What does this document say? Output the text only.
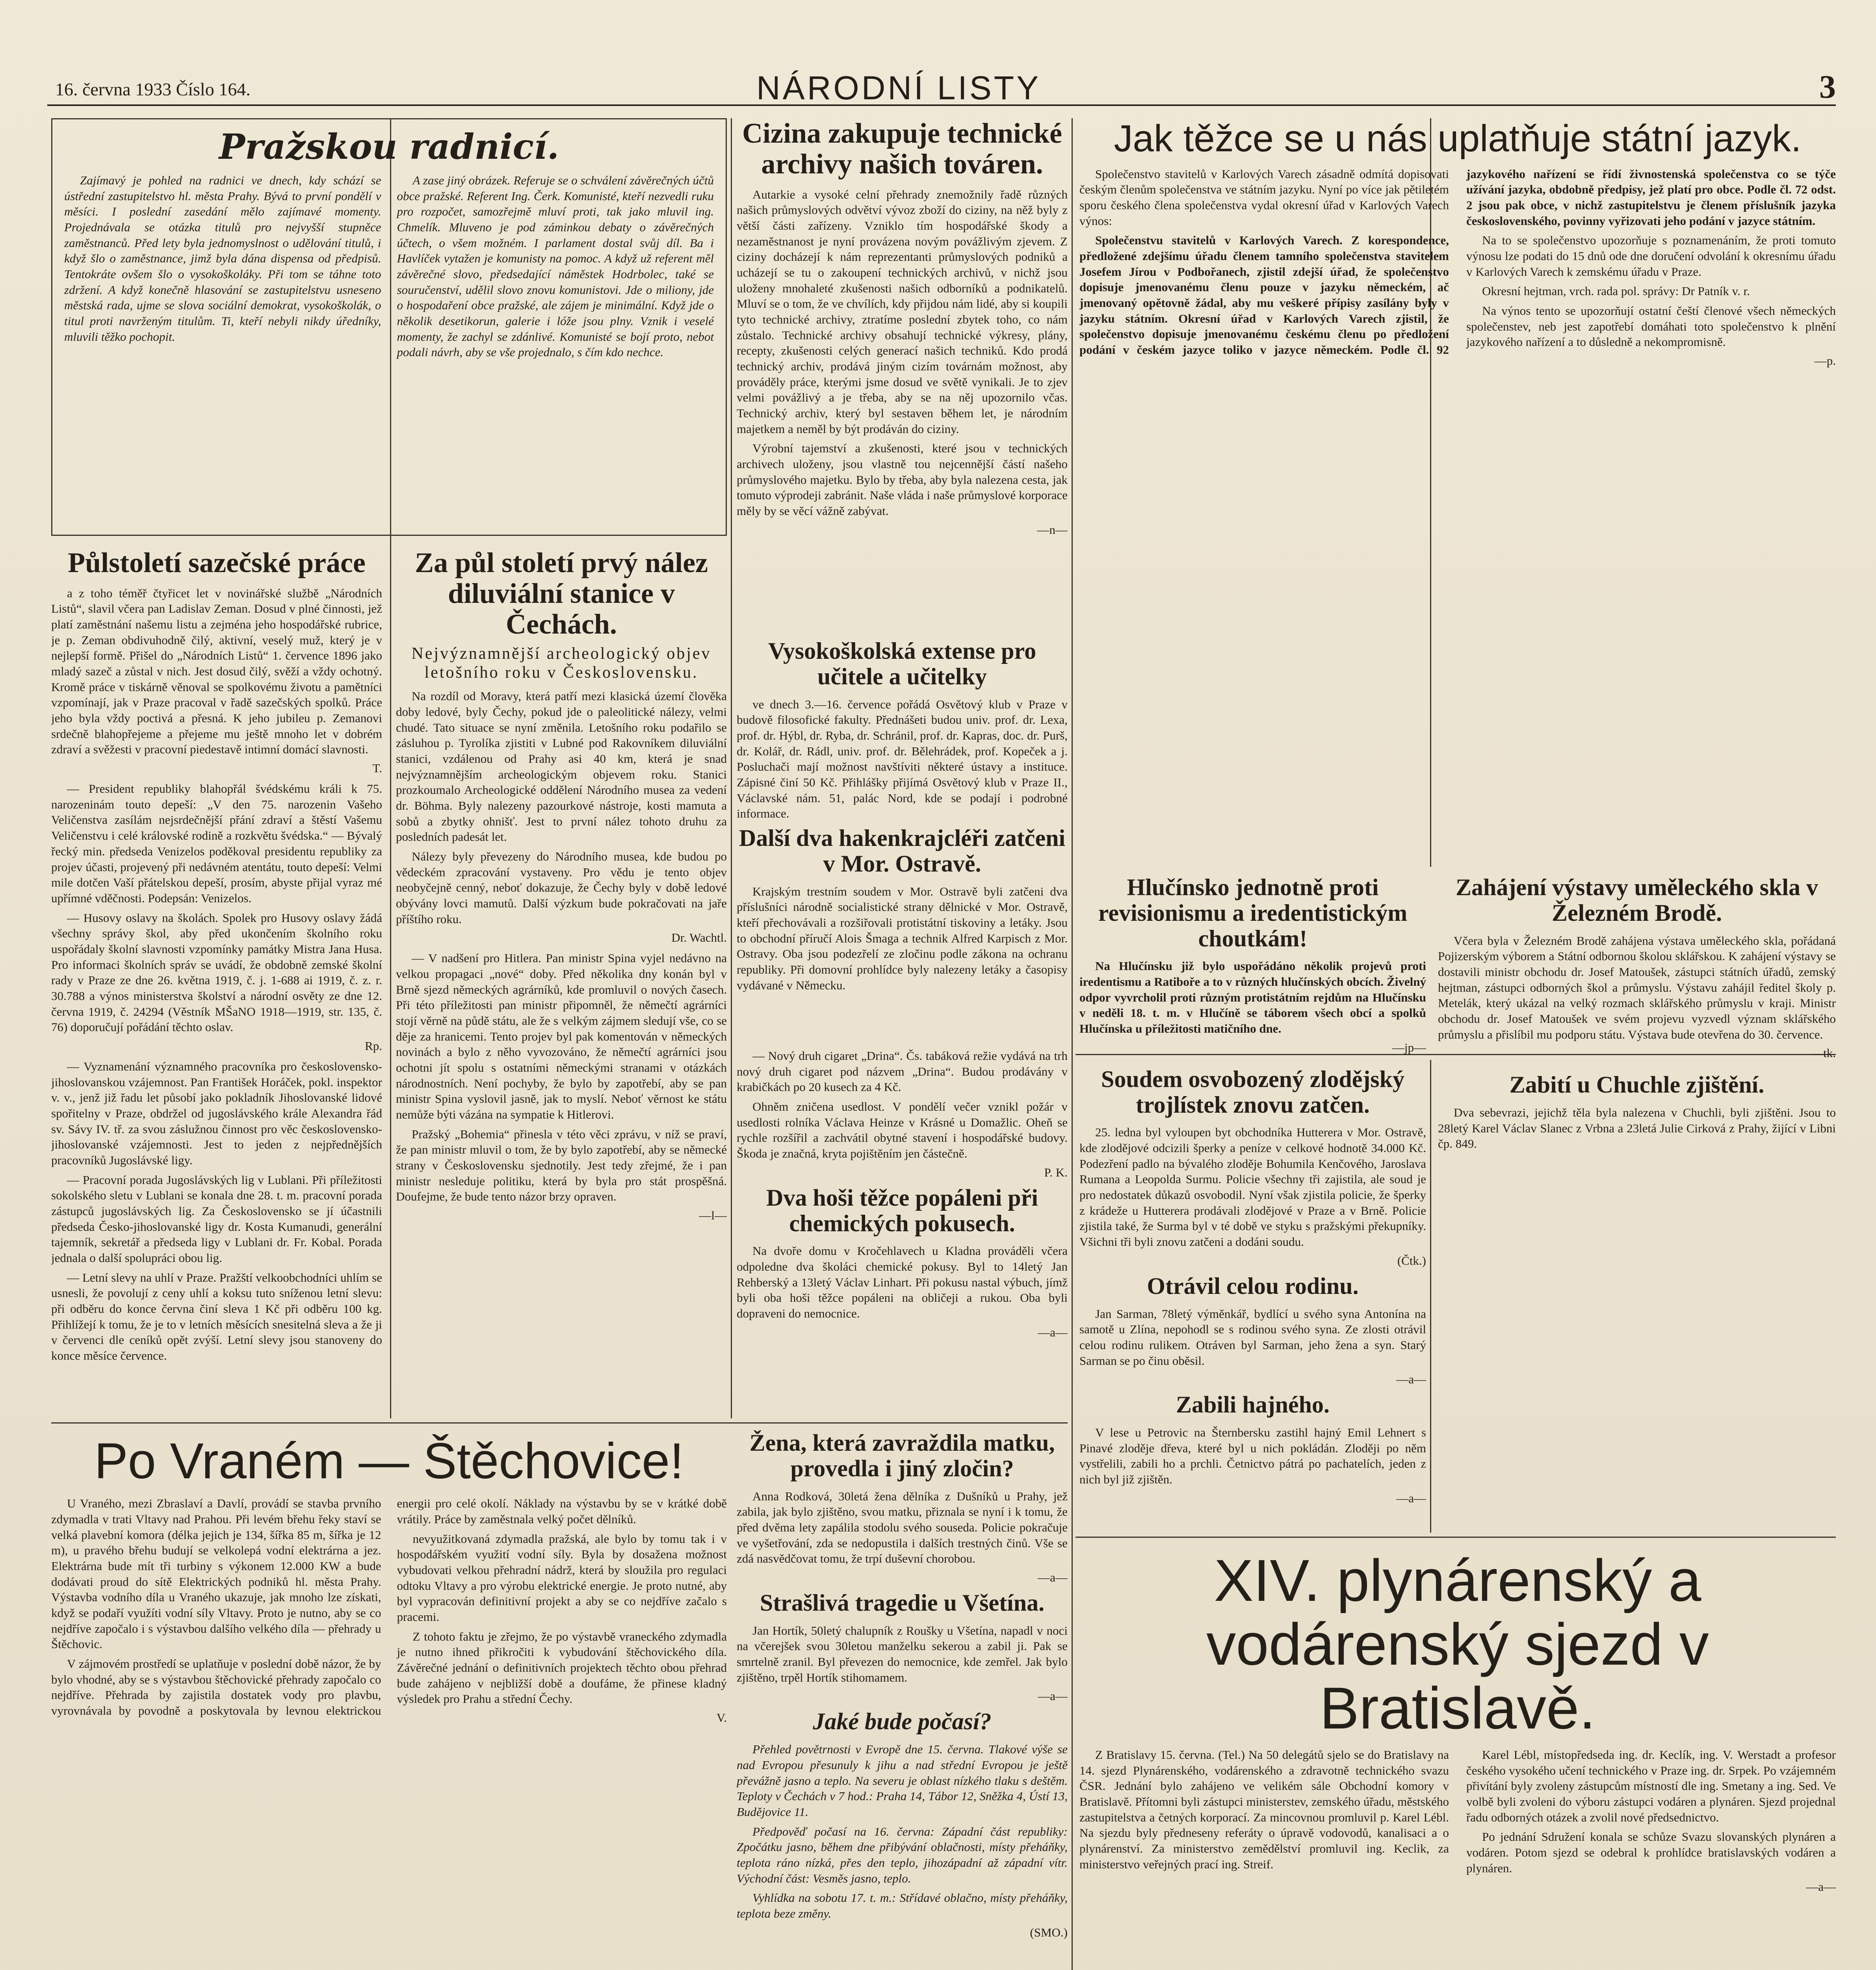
16. června 1933 Číslo 164.	NÁRODNÍ LISTY	3
Pražskou radnicí.

Zajímavý je pohled na radnici ve dnech, kdy schází se ústřední zastupitelstvo hl. města Prahy. Bývá to první pondělí v měsíci. I poslední zasedání mělo zajímavé momenty. Projednávala se otázka titulů pro nejvyšší stupněce zaměstnanců. Před lety byla jednomyslnost o udělování titulů, i když šlo o zaměstnance, jimž byla dána dispensa od předpisů. Tentokráte ovšem šlo o vysokoškoláky. Při tom se táhne toto zdržení. A když konečně hlasování se zastupitelstvu usneseno městská rada, ujme se slova sociální demokrat, vysokoškolák, o titul proti navrženým titulům. Ti, kteří nebyli nikdy úředníky, mluvili těžko pochopit.

A zase jiný obrázek. Referuje se o schválení závěrečných účtů obce pražské. Referent Ing. Čerk. Komunisté, kteří nezvedli ruku pro rozpočet, samozřejmě mluví proti, tak jako mluvil ing. Chmelík. Mluveno je pod záminkou debaty o závěrečných účtech, o všem možném. I parlament dostal svůj díl. Ba i Havlíček vytažen je komunisty na pomoc. A když už referent měl závěrečné slovo, předsedající náměstek Hodrbolec, také se souručenství, udělil slovo znovu komunistovi. Jde o miliony, jde o hospodaření obce pražské, ale zájem je minimální. Když jde o několik desetikorun, galerie i lóže jsou plny. Vznik i veselé momenty, že zachyl se zdánlivé. Komunisté se bojí proto, nebot podali návrh, aby se vše projednalo, s čím kdo nechce.

Půlstoletí sazečské práce

a z toho téměř čtyřicet let v novinářské službě „Národních Listů“, slavil včera pan Ladislav Zeman. Dosud v plné činnosti, jež platí zaměstnání našemu listu a zejména jeho hospodářské rubrice, je p. Zeman obdivuhodně čilý, aktivní, veselý muž, který je v nejlepší formě. Přišel do „Národních Listů“ 1. července 1896 jako mladý sazeč a zůstal v nich. Jest dosud čilý, svěží a vždy ochotný. Kromě práce v tiskárně věnoval se spolkovému životu a pamětníci vzpomínají, jak v Praze pracoval v řadě sazečských spolků. Práce jeho byla vždy poctivá a přesná. K jeho jubileu p. Zemanovi srdečně blahopřejeme a přejeme mu ještě mnoho let v dobrém zdraví a svěžesti v pracovní piedestavě intimní domácí slavnosti.

T.

— President republiky blahopřál švédskému králi k 75. narozeninám touto depeší: „V den 75. narozenin Vašeho Veličenstva zasílám nejsrdečnější přání zdraví a štěstí Vašemu Veličenstvu i celé královské rodině a rozkvětu švédska.“ — Bývalý řecký min. předseda Venizelos poděkoval presidentu republiky za projev účasti, projevený při nedávném atentátu, touto depeší: Velmi mile dotčen Vaší přátelskou depeší, prosím, abyste přijal vyraz mé upřímné vděčnosti. Podepsán: Venizelos.

— Husovy oslavy na školách. Spolek pro Husovy oslavy žádá všechny správy škol, aby před ukončením školního roku uspořádaly školní slavnosti vzpomínky památky Mistra Jana Husa. Pro informaci školních správ se uvádí, že obdobně zemské školní rady v Praze ze dne 26. května 1919, č. j. 1-688 ai 1919, č. z. r. 30.788 a výnos ministerstva školství a národní osvěty ze dne 12. června 1919, č. 24294 (Věstník MŠaNO 1918—1919, str. 135, č. 76) doporučují pořádání těchto oslav.

Rp.

— Vyznamenání významného pracovníka pro československo-jihoslovanskou vzájemnost. Pan František Horáček, pokl. inspektor v. v., jenž již řadu let působí jako pokladník Jihoslovanské lidové spořitelny v Praze, obdržel od jugoslávského krále Alexandra řád sv. Sávy IV. tř. za svou záslužnou činnost pro věc československo-jihoslovanské vzájemnosti. Jest to jeden z nejpřednějších pracovníků Jugoslávské ligy.

— Pracovní porada Jugoslávských lig v Lublani. Při příležitosti sokolského sletu v Lublani se konala dne 28. t. m. pracovní porada zástupců jugoslávských lig. Za Československo se jí účastnili předseda Česko-jihoslovanské ligy dr. Kosta Kumanudi, generální tajemník, sekretář a předseda ligy v Lublani dr. Fr. Kobal. Porada jednala o další spolupráci obou lig.

— Letní slevy na uhlí v Praze. Pražští velkoobchodníci uhlím se usnesli, že povolují z ceny uhlí a koksu tuto sníženou letní slevu: při odběru do konce června činí sleva 1 Kč při odběru 100 kg. Přihlížejí k tomu, že je to v letních měsících snesitelná sleva a že ji v červenci dle ceníků opět zvýší. Letní slevy jsou stanoveny do konce měsíce července.

Za půl století prvý nález diluviální stanice v Čechách.
Nejvýznamnější archeologický objev letošního roku v Československu.

Na rozdíl od Moravy, která patří mezi klasická území člověka doby ledové, byly Čechy, pokud jde o paleolitické nálezy, velmi chudé. Tato situace se nyní změnila. Letošního roku podařilo se zásluhou p. Tyrolíka zjistiti v Lubné pod Rakovníkem diluviální stanici, vzdálenou od Prahy asi 40 km, která je snad nejvýznamnějším archeologickým objevem roku. Stanici prozkoumalo Archeologické oddělení Národního musea za vedení dr. Böhma. Byly nalezeny pazourkové nástroje, kosti mamuta a sobů a zbytky ohnišť. Jest to první nález tohoto druhu za posledních padesát let.

Nálezy byly převezeny do Národního musea, kde budou po vědeckém zpracování vystaveny. Pro vědu je tento objev neobyčejně cenný, neboť dokazuje, že Čechy byly v době ledové obývány lovci mamutů. Další výzkum bude pokračovati na jaře příštího roku.

Dr. Wachtl.

— V nadšení pro Hitlera. Pan ministr Spina vyjel nedávno na velkou propagaci „nové“ doby. Před několika dny konán byl v Brně sjezd německých agrárníků, kde promluvil o nových časech. Při této příležitosti pan ministr připomněl, že němečtí agrárníci stojí věrně na půdě státu, ale že s velkým zájmem sledují vše, co se děje za hranicemi. Tento projev byl pak komentován v německých novinách a bylo z něho vyvozováno, že němečtí agrárníci jsou ochotni jít spolu s ostatními německými stranami v otázkách národnostních. Není pochyby, že bylo by zapotřebí, aby se pan ministr Spina vyslovil jasně, jak to myslí. Neboť věrnost ke státu nemůže býti vázána na sympatie k Hitlerovi.

Pražský „Bohemia“ přinesla v této věci zprávu, v níž se praví, že pan ministr mluvil o tom, že by bylo zapotřebí, aby se německé strany v Československu sjednotily. Jest tedy zřejmé, že i pan ministr nesleduje politiku, která by byla pro stát prospěšná. Doufejme, že bude tento názor brzy opraven.

—l—
Cizina zakupuje technické archivy našich továren.

Autarkie a vysoké celní přehrady znemožnily řadě různých našich průmyslových odvětví vývoz zboží do ciziny, na něž byly z větší části zařízeny. Vzniklo tím hospodářské škody a nezaměstnanost je nyní provázena novým povážlivým zjevem. Z ciziny docházejí k nám reprezentanti průmyslových podniků a ucházejí se tu o zakoupení technických archivů, v nichž jsou uloženy mnohaleté zkušenosti našich odborníků a podnikatelů. Mluví se o tom, že ve chvílích, kdy přijdou nám lidé, aby si koupili tyto technické archivy, ztratíme poslední zbytek toho, co nám zůstalo. Technické archivy obsahují technické výkresy, plány, recepty, zkušenosti celých generací našich techniků. Kdo prodá technický archiv, prodává jiným cizím továrnám možnost, aby prováděly práce, kterými jsme dosud ve světě vynikali. Je to zjev velmi povážlivý a je třeba, aby se na něj upozornilo včas. Technický archiv, který byl sestaven během let, je národním majetkem a neměl by být prodáván do ciziny.

Výrobní tajemství a zkušenosti, které jsou v technických archivech uloženy, jsou vlastně tou nejcennější částí našeho průmyslového majetku. Bylo by třeba, aby byla nalezena cesta, jak tomuto výprodeji zabránit. Naše vláda i naše průmyslové korporace měly by se věcí vážně zabývat.

—n—
Vysokoškolská extense pro učitele a učitelky

ve dnech 3.—16. července pořádá Osvětový klub v Praze v budově filosofické fakulty. Přednášeti budou univ. prof. dr. Lexa, prof. dr. Hýbl, dr. Ryba, dr. Schránil, prof. dr. Kapras, doc. dr. Purš, dr. Kolář, dr. Rádl, univ. prof. dr. Bělehrádek, prof. Kopeček a j. Posluchači mají možnost navštíviti některé ústavy a instituce. Zápisné činí 50 Kč. Přihlášky přijímá Osvětový klub v Praze II., Václavské nám. 51, palác Nord, kde se podají i podrobné informace.

Další dva hakenkrajcléři zatčeni v Mor. Ostravě.

Krajským trestním soudem v Mor. Ostravě byli zatčeni dva příslušníci národně socialistické strany dělnické v Mor. Ostravě, kteří přechovávali a rozšiřovali protistátní tiskoviny a letáky. Jsou to obchodní příručí Alois Šmaga a technik Alfred Karpisch z Mor. Ostravy. Oba jsou podezřelí ze zločinu podle zákona na ochranu republiky. Při domovní prohlídce byly nalezeny letáky a časopisy vydávané v Německu.

— Nový druh cigaret „Drina“. Čs. tabáková režie vydává na trh nový druh cigaret pod názvem „Drina“. Budou prodávány v krabičkách po 20 kusech za 4 Kč.

Ohněm zničena usedlost. V pondělí večer vznikl požár v usedlosti rolníka Václava Heinze v Krásné u Domažlic. Oheň se rychle rozšířil a zachvátil obytné stavení i hospodářské budovy. Škoda je značná, kryta pojištěním jen částečně.

P. K.
Dva hoši těžce popáleni při chemických pokusech.

Na dvoře domu v Kročehlavech u Kladna prováděli včera odpoledne dva školáci chemické pokusy. Byl to 14letý Jan Rehberský a 13letý Václav Linhart. Při pokusu nastal výbuch, jímž byli oba hoši těžce popáleni na obličeji a rukou. Oba byli dopraveni do nemocnice.

—a—
Žena, která zavraždila matku, provedla i jiný zločin?

Anna Rodková, 30letá žena dělníka z Dušníků u Prahy, jež zabila, jak bylo zjištěno, svou matku, přiznala se nyní i k tomu, že před dvěma lety zapálila stodolu svého souseda. Policie pokračuje ve vyšetřování, zda se nedopustila i dalších trestných činů. Vše se zdá nasvědčovat tomu, že trpí duševní chorobou.

—a—
Strašlivá tragedie u Všetína.

Jan Hortík, 50letý chalupník z Roušky u Všetína, napadl v noci na včerejšek svou 30letou manželku sekerou a zabil ji. Pak se smrtelně zranil. Byl převezen do nemocnice, kde zemřel. Jak bylo zjištěno, trpěl Hortík stihomamem.

—a—
Jaké bude počasí?

Přehled povětrnosti v Evropě dne 15. června. Tlakové výše se nad Evropou přesunuly k jihu a nad střední Evropou je ještě převážně jasno a teplo. Na severu je oblast nízkého tlaku s deštěm. Teploty v Čechách v 7 hod.: Praha 14, Tábor 12, Sněžka 4, Ústí 13, Budějovice 11.

Předpověď počasí na 16. června: Západní část republiky: Zpočátku jasno, během dne přibývání oblačnosti, místy přeháňky, teplota ráno nízká, přes den teplo, jihozápadní až západní vítr. Východní část: Vesměs jasno, teplo.

Vyhlídka na sobotu 17. t. m.: Střídavé oblačno, místy přeháňky, teplota beze změny.

(SMO.)
Po Vraném — Štěchovice!

U Vraného, mezi Zbraslaví a Davlí, provádí se stavba prvního zdymadla v trati Vltavy nad Prahou. Při levém břehu řeky staví se velká plavební komora (délka jejich je 134, šířka 85 m, šířka je 12 m), u pravého břehu budují se velkolepá vodní elektrárna a jez. Elektrárna bude mít tři turbiny s výkonem 12.000 KW a bude dodávati proud do sítě Elektrických podniků hl. města Prahy. Výstavba vodního díla u Vraného ukazuje, jak mnoho lze získati, když se podaří využíti vodní síly Vltavy. Proto je nutno, aby se co nejdříve započalo i s výstavbou dalšího velkého díla — přehrady u Štěchovic.

V zájmovém prostředí se uplatňuje v poslední době názor, že by bylo vhodné, aby se s výstavbou štěchovické přehrady započalo co nejdříve. Přehrada by zajistila dostatek vody pro plavbu, vyrovnávala by povodně a poskytovala by levnou elektrickou energii pro celé okolí. Náklady na výstavbu by se v krátké době vrátily. Práce by zaměstnala velký počet dělníků.

nevyužitkovaná zdymadla pražská, ale bylo by tomu tak i v hospodářském využití vodní síly. Byla by dosažena možnost vybudovati velkou přehradní nádrž, která by sloužila pro regulaci odtoku Vltavy a pro výrobu elektrické energie. Je proto nutné, aby byl vypracován definitivní projekt a aby se co nejdříve začalo s pracemi.

Z tohoto faktu je zřejmo, že po výstavbě vraneckého zdymadla je nutno ihned přikročiti k vybudování štěchovického díla. Závěrečné jednání o definitivních projektech těchto obou přehrad bude zahájeno v nejbližší době a doufáme, že přinese kladný výsledek pro Prahu a střední Čechy.

V.
Jak těžce se u nás uplatňuje státní jazyk.

Společenstvo stavitelů v Karlových Varech zásadně odmítá dopisovati českým členům společenstva ve státním jazyku. Nyní po více jak pětiletém sporu českého člena společenstva vydal okresní úřad v Karlových Varech výnos:

Společenstvu stavitelů v Karlových Varech. Z korespondence, předložené zdejšímu úřadu členem tamního společenstva stavitelem Josefem Jírou v Podbořanech, zjistil zdejší úřad, že společenstvo dopisuje jmenovanému členu pouze v jazyku německém, ač jmenovaný opětovně žádal, aby mu veškeré přípisy zasílány byly v jazyku státním. Okresní úřad v Karlových Varech zjistil, že společenstvo dopisuje jmenovanému českému členu po předložení podání v českém jazyce toliko v jazyce německém. Podle čl. 92 jazykového nařízení se řídí živnostenská společenstva co se týče užívání jazyka, obdobně předpisy, jež platí pro obce. Podle čl. 72 odst. 2 jsou pak obce, v nichž zastupitelstvu je členem příslušník jazyka československého, povinny vyřizovati jeho podání v jazyce státním.

Na to se společenstvo upozorňuje s poznamenáním, že proti tomuto výnosu lze podati do 15 dnů ode dne doručení odvolání k okresnímu úřadu v Karlových Varech k zemskému úřadu v Praze.

Okresní hejtman, vrch. rada pol. správy: Dr Patník v. r.

Na výnos tento se upozorňují ostatní čeští členové všech německých společenstev, neb jest zapotřebí domáhati toto společenstvo k plnění jazykového nařízení a to důsledně a nekompromisně.

—p.
Hlučínsko jednotně proti revisionismu a iredentistickým choutkám!

Na Hlučínsku již bylo uspořádáno několik projevů proti iredentismu a Ratiboře a to v různých hlučínských obcích. Živelný odpor vyvrcholil proti různým protistátním rejdům na Hlučínsku v neděli 18. t. m. v Hlučíně se táborem všech obcí a spolků Hlučínska u příležitosti matičního dne.

—jp—
Soudem osvobozený zlodějský trojlístek znovu zatčen.

25. ledna byl vyloupen byt obchodníka Hutterera v Mor. Ostravě, kde zlodějové odcizili šperky a peníze v celkové hodnotě 34.000 Kč. Podezření padlo na bývalého zloděje Bohumila Kenčového, Jaroslava Rumana a Leopolda Surmu. Policie všechny tři zajistila, ale soud je pro nedostatek důkazů osvobodil. Nyní však zjistila policie, že šperky z krádeže u Hutterera prodávali zlodějové v Praze a v Brně. Policie zjistila také, že Surma byl v té době ve styku s pražskými překupníky. Všichni tři byli znovu zatčeni a dodáni soudu.

(Čtk.)
Otrávil celou rodinu.

Jan Sarman, 78letý výměnkář, bydlící u svého syna Antonína na samotě u Zlína, nepohodl se s rodinou svého syna. Ze zlosti otrávil celou rodinu rulikem. Otráven byl Sarman, jeho žena a syn. Starý Sarman se po činu oběsil.

—a—
Zabili hajného.

V lese u Petrovic na Šternbersku zastihl hajný Emil Lehnert s Pinavé zloděje dřeva, které byl u nich pokládán. Zloději po něm vystřelili, zabili ho a prchli. Četnictvo pátrá po pachatelích, jeden z nich byl již zjištěn.

—a—
Zahájení výstavy uměleckého skla v Železném Brodě.

Včera byla v Železném Brodě zahájena výstava uměleckého skla, pořádaná Pojizerským výborem a Státní odbornou školou sklářskou. K zahájení výstavy se dostavili ministr obchodu dr. Josef Matoušek, zástupci státních úřadů, zemský hejtman, zástupci odborných škol a průmyslu. Výstavu zahájil ředitel školy p. Metelák, který ukázal na velký rozmach sklářského průmyslu v kraji. Ministr obchodu dr. Josef Matoušek ve svém projevu vyzvedl význam sklářského průmyslu a přislíbil mu podporu státu. Výstava bude otevřena do 30. července.

—tk.
Zabití u Chuchle zjištění.

Dva sebevrazi, jejichž těla byla nalezena v Chuchli, byli zjištěni. Jsou to 28letý Karel Václav Slanec z Vrbna a 23letá Julie Cirková z Prahy, žijící v Libni čp. 849.

XIV. plynárenský a vodárenský sjezd v Bratislavě.

Z Bratislavy 15. června. (Tel.) Na 50 delegátů sjelo se do Bratislavy na 14. sjezd Plynárenského, vodárenského a zdravotně technického svazu ČSR. Jednání bylo zahájeno ve velikém sále Obchodní komory v Bratislavě. Přítomni byli zástupci ministerstev, zemského úřadu, městského zastupitelstva a četných korporací. Za mincovnou promluvil p. Karel Lébl. Na sjezdu byly předneseny referáty o úpravě vodovodů, kanalisaci a o plynárenství. Za ministerstvo zemědělství promluvil ing. Keclik, za ministerstvo veřejných prací ing. Streif.

Karel Lébl, místopředseda ing. dr. Keclík, ing. V. Werstadt a profesor českého vysokého učení technického v Praze ing. dr. Srpek. Po vzájemném přivítání byly zvoleny zástupcům místností dle ing. Smetany a ing. Sed. Ve volbě byli zvoleni do výboru zástupci vodáren a plynáren. Sjezd projednal řadu odborných otázek a zvolil nové předsednictvo.

Po jednání Sdružení konala se schůze Svazu slovanských plynáren a vodáren. Potom sjezd se odebral k prohlídce bratislavských vodáren a plynáren.

—a—
